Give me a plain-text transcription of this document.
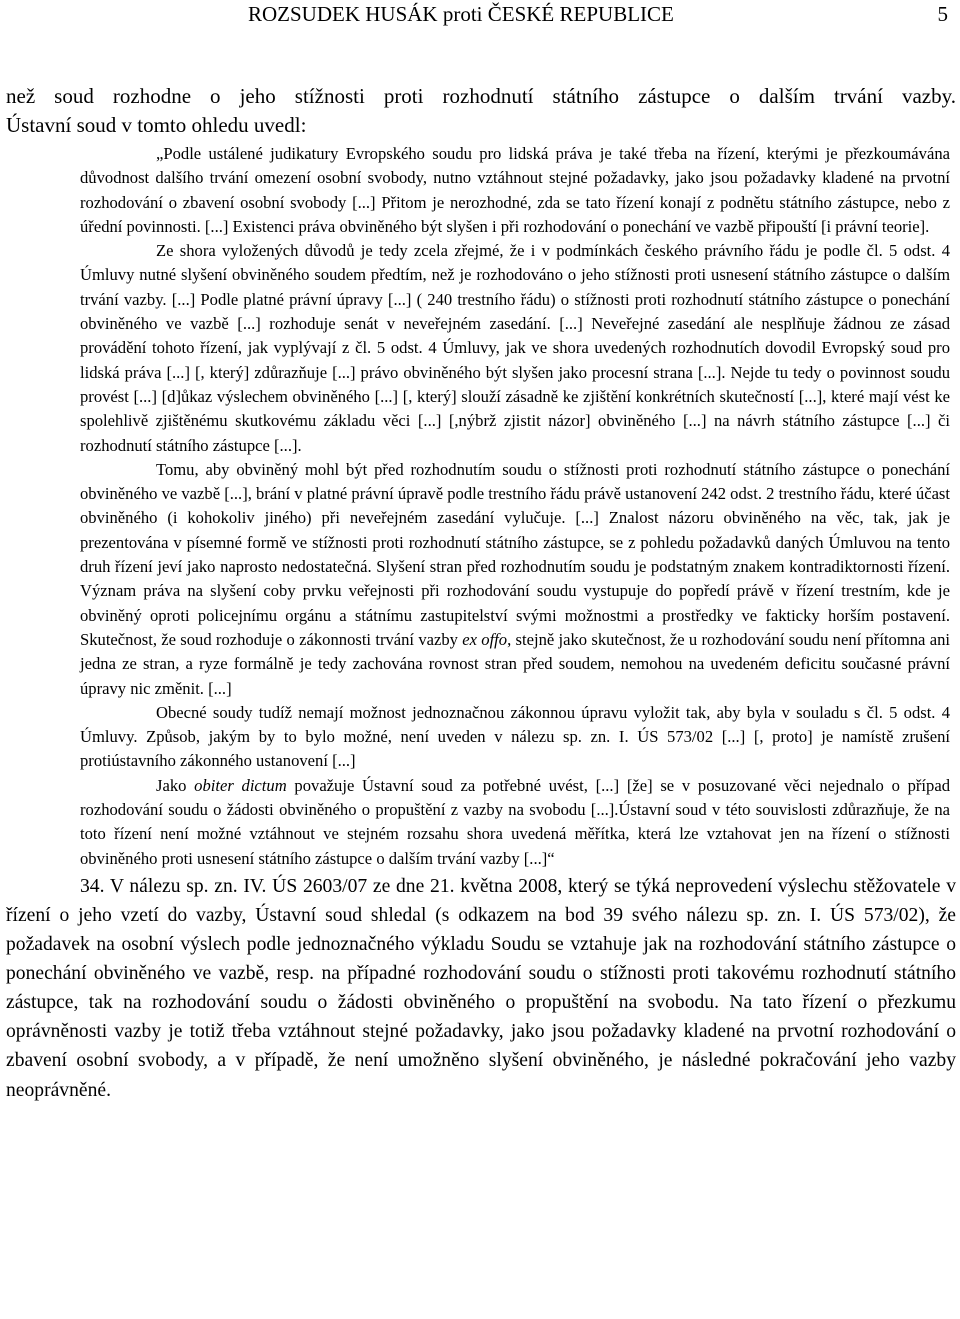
ROZSUDEK HUSÁK proti ČESKÉ REPUBLICE	5

než soud rozhodne o jeho stížnosti proti rozhodnutí státního zástupce o dalším trvání vazby.

Ústavní soud v tomto ohledu uvedl:

„Podle ustálené judikatury Evropského soudu pro lidská práva je také třeba na řízení, kterými je přezkoumávána důvodnost dalšího trvání omezení osobní svobody, nutno vztáhnout stejné požadavky, jako jsou požadavky kladené na prvotní rozhodování o zbavení osobní svobody [...] Přitom je nerozhodné, zda se tato řízení konají z podnětu státního zástupce, nebo z úřední povinnosti. [...] Existenci práva obviněného být slyšen i při rozhodování o ponechání ve vazbě připouští [i právní teorie].

Ze shora vyložených důvodů je tedy zcela zřejmé, že i v podmínkách českého právního řádu je podle čl. 5 odst. 4 Úmluvy nutné slyšení obviněného soudem předtím, než je rozhodováno o jeho stížnosti proti usnesení státního zástupce o dalším trvání vazby. [...] Podle platné právní úpravy [...] ( 240 trestního řádu) o stížnosti proti rozhodnutí státního zástupce o ponechání obviněného ve vazbě [...] rozhoduje senát v neveřejném zasedání. [...] Neveřejné zasedání ale nesplňuje žádnou ze zásad provádění tohoto řízení, jak vyplývají z čl. 5 odst. 4 Úmluvy, jak ve shora uvedených rozhodnutích dovodil Evropský soud pro lidská práva [...] [, který] zdůrazňuje [...] právo obviněného být slyšen jako procesní strana [...]. Nejde tu tedy o povinnost soudu provést [...] [d]ůkaz výslechem obviněného [...] [, který] slouží zásadně ke zjištění konkrétních skutečností [...], které mají vést ke spolehlivě zjištěnému skutkovému základu věci [...] [,nýbrž zjistit názor] obviněného [...] na návrh státního zástupce [...] či rozhodnutí státního zástupce [...].

Tomu, aby obviněný mohl být před rozhodnutím soudu o stížnosti proti rozhodnutí státního zástupce o ponechání obviněného ve vazbě [...], brání v platné právní úpravě podle trestního řádu právě ustanovení 242 odst. 2 trestního řádu, které účast obviněného (i kohokoliv jiného) při neveřejném zasedání vylučuje. [...] Znalost názoru obviněného na věc, tak, jak je prezentována v písemné formě ve stížnosti proti rozhodnutí státního zástupce, se z pohledu požadavků daných Úmluvou na tento druh řízení jeví jako naprosto nedostatečná. Slyšení stran před rozhodnutím soudu je podstatným znakem kontradiktornosti řízení. Význam práva na slyšení coby prvku veřejnosti při rozhodování soudu vystupuje do popředí právě v řízení trestním, kde je obviněný oproti policejnímu orgánu a státnímu zastupitelství svými možnostmi a prostředky ve fakticky horším postavení. Skutečnost, že soud rozhoduje o zákonnosti trvání vazby ex offo, stejně jako skutečnost, že u rozhodování soudu není přítomna ani jedna ze stran, a ryze formálně je tedy zachována rovnost stran před soudem, nemohou na uvedeném deficitu současné právní úpravy nic změnit. [...]

Obecné soudy tudíž nemají možnost jednoznačnou zákonnou úpravu vyložit tak, aby byla v souladu s čl. 5 odst. 4 Úmluvy. Způsob, jakým by to bylo možné, není uveden v nálezu sp. zn. I. ÚS 573/02 [...] [, proto] je namístě zrušení protiústavního zákonného ustanovení [...]

Jako obiter dictum považuje Ústavní soud za potřebné uvést, [...] [že] se v posuzované věci nejednalo o případ rozhodování soudu o žádosti obviněného o propuštění z vazby na svobodu [...].Ústavní soud v této souvislosti zdůrazňuje, že na toto řízení není možné vztáhnout ve stejném rozsahu shora uvedená měřítka, která lze vztahovat jen na řízení o stížnosti obviněného proti usnesení státního zástupce o dalším trvání vazby [...]“

34. V nálezu sp. zn. IV. ÚS 2603/07 ze dne 21. května 2008, který se týká neprovedení výslechu stěžovatele v řízení o jeho vzetí do vazby, Ústavní soud shledal (s odkazem na bod 39 svého nálezu sp. zn. I. ÚS 573/02), že požadavek na osobní výslech podle jednoznačného výkladu Soudu se vztahuje jak na rozhodování státního zástupce o ponechání obviněného ve vazbě, resp. na případné rozhodování soudu o stížnosti proti takovému rozhodnutí státního zástupce, tak na rozhodování soudu o žádosti obviněného o propuštění na svobodu. Na tato řízení o přezkumu oprávněnosti vazby je totiž třeba vztáhnout stejné požadavky, jako jsou požadavky kladené na prvotní rozhodování o zbavení osobní svobody, a v případě, že není umožněno slyšení obviněného, je následné pokračování jeho vazby neoprávněné.
